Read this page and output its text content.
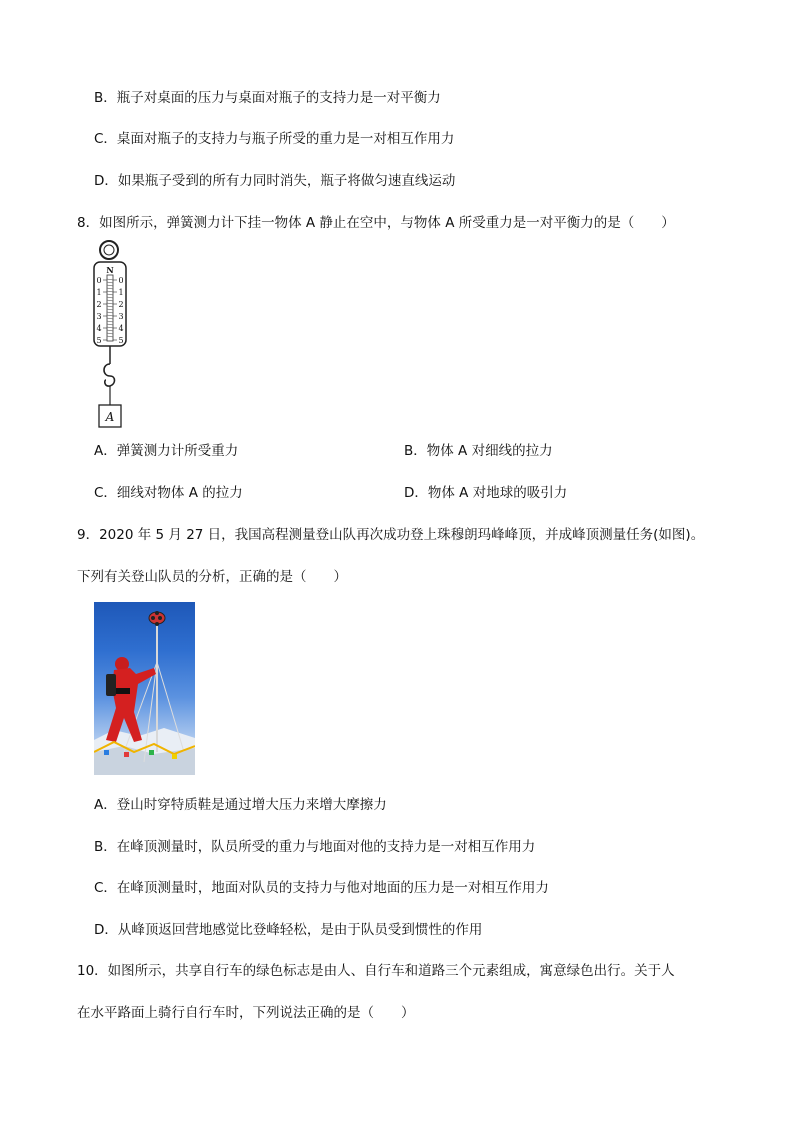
B．瓶子对桌面的压力与桌面对瓶子的支持力是一对平衡力
C．桌面对瓶子的支持力与瓶子所受的重力是一对相互作用力
D．如果瓶子受到的所有力同时消失，瓶子将做匀速直线运动
8．如图所示，弹簧测力计下挂一物体 A 静止在空中，与物体 A 所受重力是一对平衡力的是（　　）
N
0
1
2
3
4
5
0
1
2
3
4
5
A
A．弹簧测力计所受重力	B．物体 A 对细线的拉力
C．细线对物体 A 的拉力	D．物体 A 对地球的吸引力
9．2020 年 5 月 27 日，我国高程测量登山队再次成功登上珠穆朗玛峰峰顶，并成峰顶测量任务(如图)。
下列有关登山队员的分析，正确的是（　　）
A．登山时穿特质鞋是通过增大压力来增大摩擦力
B．在峰顶测量时，队员所受的重力与地面对他的支持力是一对相互作用力
C．在峰顶测量时，地面对队员的支持力与他对地面的压力是一对相互作用力
D．从峰顶返回营地感觉比登峰轻松，是由于队员受到惯性的作用
10．如图所示，共享自行车的绿色标志是由人、自行车和道路三个元素组成，寓意绿色出行。关于人
在水平路面上骑行自行车时，下列说法正确的是（　　）
